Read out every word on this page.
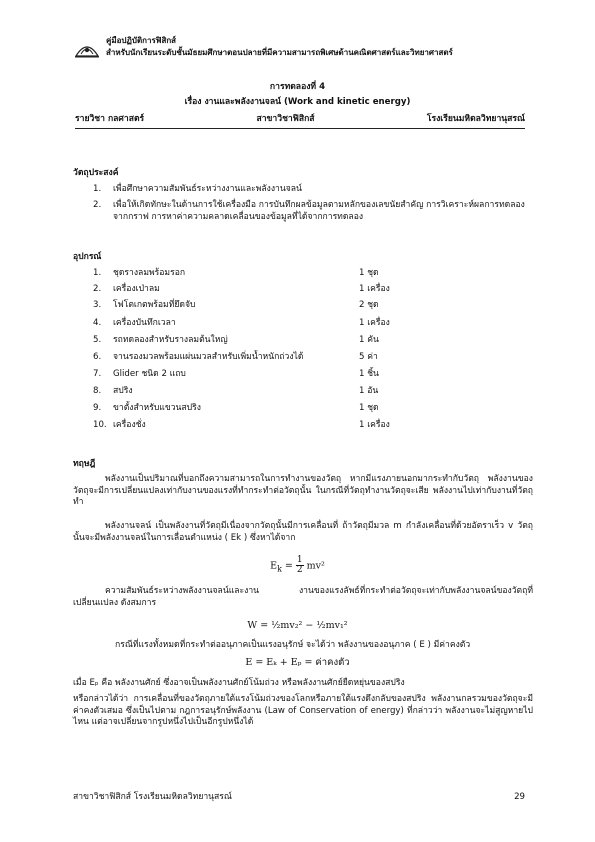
คู่มือปฏิบัติการฟิสิกส์
สำหรับนักเรียนระดับชั้นมัธยมศึกษาตอนปลายที่มีความสามารถพิเศษด้านคณิตศาสตร์และวิทยาศาสตร์
การทดลองที่ 4
เรื่อง งานและพลังงานจลน์ (Work and kinetic energy)
รายวิชา กลศาสตร์	สาขาวิชาฟิสิกส์	โรงเรียนมหิดลวิทยานุสรณ์
วัตถุประสงค์
1. เพื่อศึกษาความสัมพันธ์ระหว่างงานและพลังงานจลน์
2. เพื่อให้เกิดทักษะในด้านการใช้เครื่องมือ การบันทึกผลข้อมูลตามหลักของเลขนัยสำคัญ การวิเคราะห์ผลการทดลองจากกราฟ การหาค่าความคลาดเคลื่อนของข้อมูลที่ได้จากการทดลอง
อุปกรณ์
1. ชุดรางลมพร้อมรอก	1 ชุด
2. เครื่องเป่าลม	1 เครื่อง
3. โฟโตเกตพร้อมที่ยึดจับ	2 ชุด
4. เครื่องบันทึกเวลา	1 เครื่อง
5. รถทดลองสำหรับรางลมต้นใหญ่	1 คัน
6. จานรองมวลพร้อมแผ่นมวลสำหรับเพิ่มน้ำหนักถ่วงได้	5 ค่า
7. Glider ชนิด 2 แถบ	1 ชิ้น
8. สปริง	1 อัน
9. ขาตั้งสำหรับแขวนสปริง	1 ชุด
10. เครื่องชั่ง	1 เครื่อง
ทฤษฎี
พลังงานเป็นปริมาณที่บอกถึงความสามารถในการทำงานของวัตถุ หากมีแรงภายนอกมากระทำกับวัตถุ พลังงานของวัตถุจะมีการเปลี่ยนแปลงเท่ากับงานของแรงที่ทำกระทำต่อวัตถุนั้น ในกรณีที่วัตถุทำงานวัตถุจะเสีย พลังงานไปเท่ากับงานที่วัตถุทำ
พลังงานจลน์ เป็นพลังงานที่วัตถุมีเนื่องจากวัตถุนั้นมีการเคลื่อนที่ ถ้าวัตถุมีมวล m กำลังเคลื่อนที่ด้วยอัตราเร็ว v วัตถุนั้นจะมีพลังงานจลน์ในการเลื่อนตำแหน่ง ( Ek ) ซึ่งหาได้จาก
$E_k = \frac{1}{2} mv^2$
ความสัมพันธ์ระหว่างพลังงานจลน์และงาน งานของแรงลัพธ์ที่กระทำต่อวัตถุจะเท่ากับพลังงานจลน์ของวัตถุที่เปลี่ยนแปลง ดังสมการ
W = ½mv₂² − ½mv₁²
กรณีที่แรงทั้งหมดที่กระทำต่ออนุภาคเป็นแรงอนุรักษ์ จะได้ว่า พลังงานของอนุภาค ( E ) มีค่าคงตัว
E = Eₖ + Eₚ = ค่าคงตัว
เมื่อ Eₚ คือ พลังงานศักย์ ซึ่งอาจเป็นพลังงานศักย์โน้มถ่วง หรือพลังงานศักย์ยืดหยุ่นของสปริง
หรือกล่าวได้ว่า การเคลื่อนที่ของวัตถุภายใต้แรงโน้มถ่วงของโลกหรือภายใต้แรงดึงกลับของสปริง พลังงานกลรวมของวัตถุจะมีค่าคงตัวเสมอ ซึ่งเป็นไปตาม กฎการอนุรักษ์พลังงาน (Law of Conservation of energy) ที่กล่าวว่า พลังงานจะไม่สูญหายไปไหน แต่อาจเปลี่ยนจากรูปหนึ่งไปเป็นอีกรูปหนึ่งได้
สาขาวิชาฟิสิกส์ โรงเรียนมหิดลวิทยานุสรณ์	29
